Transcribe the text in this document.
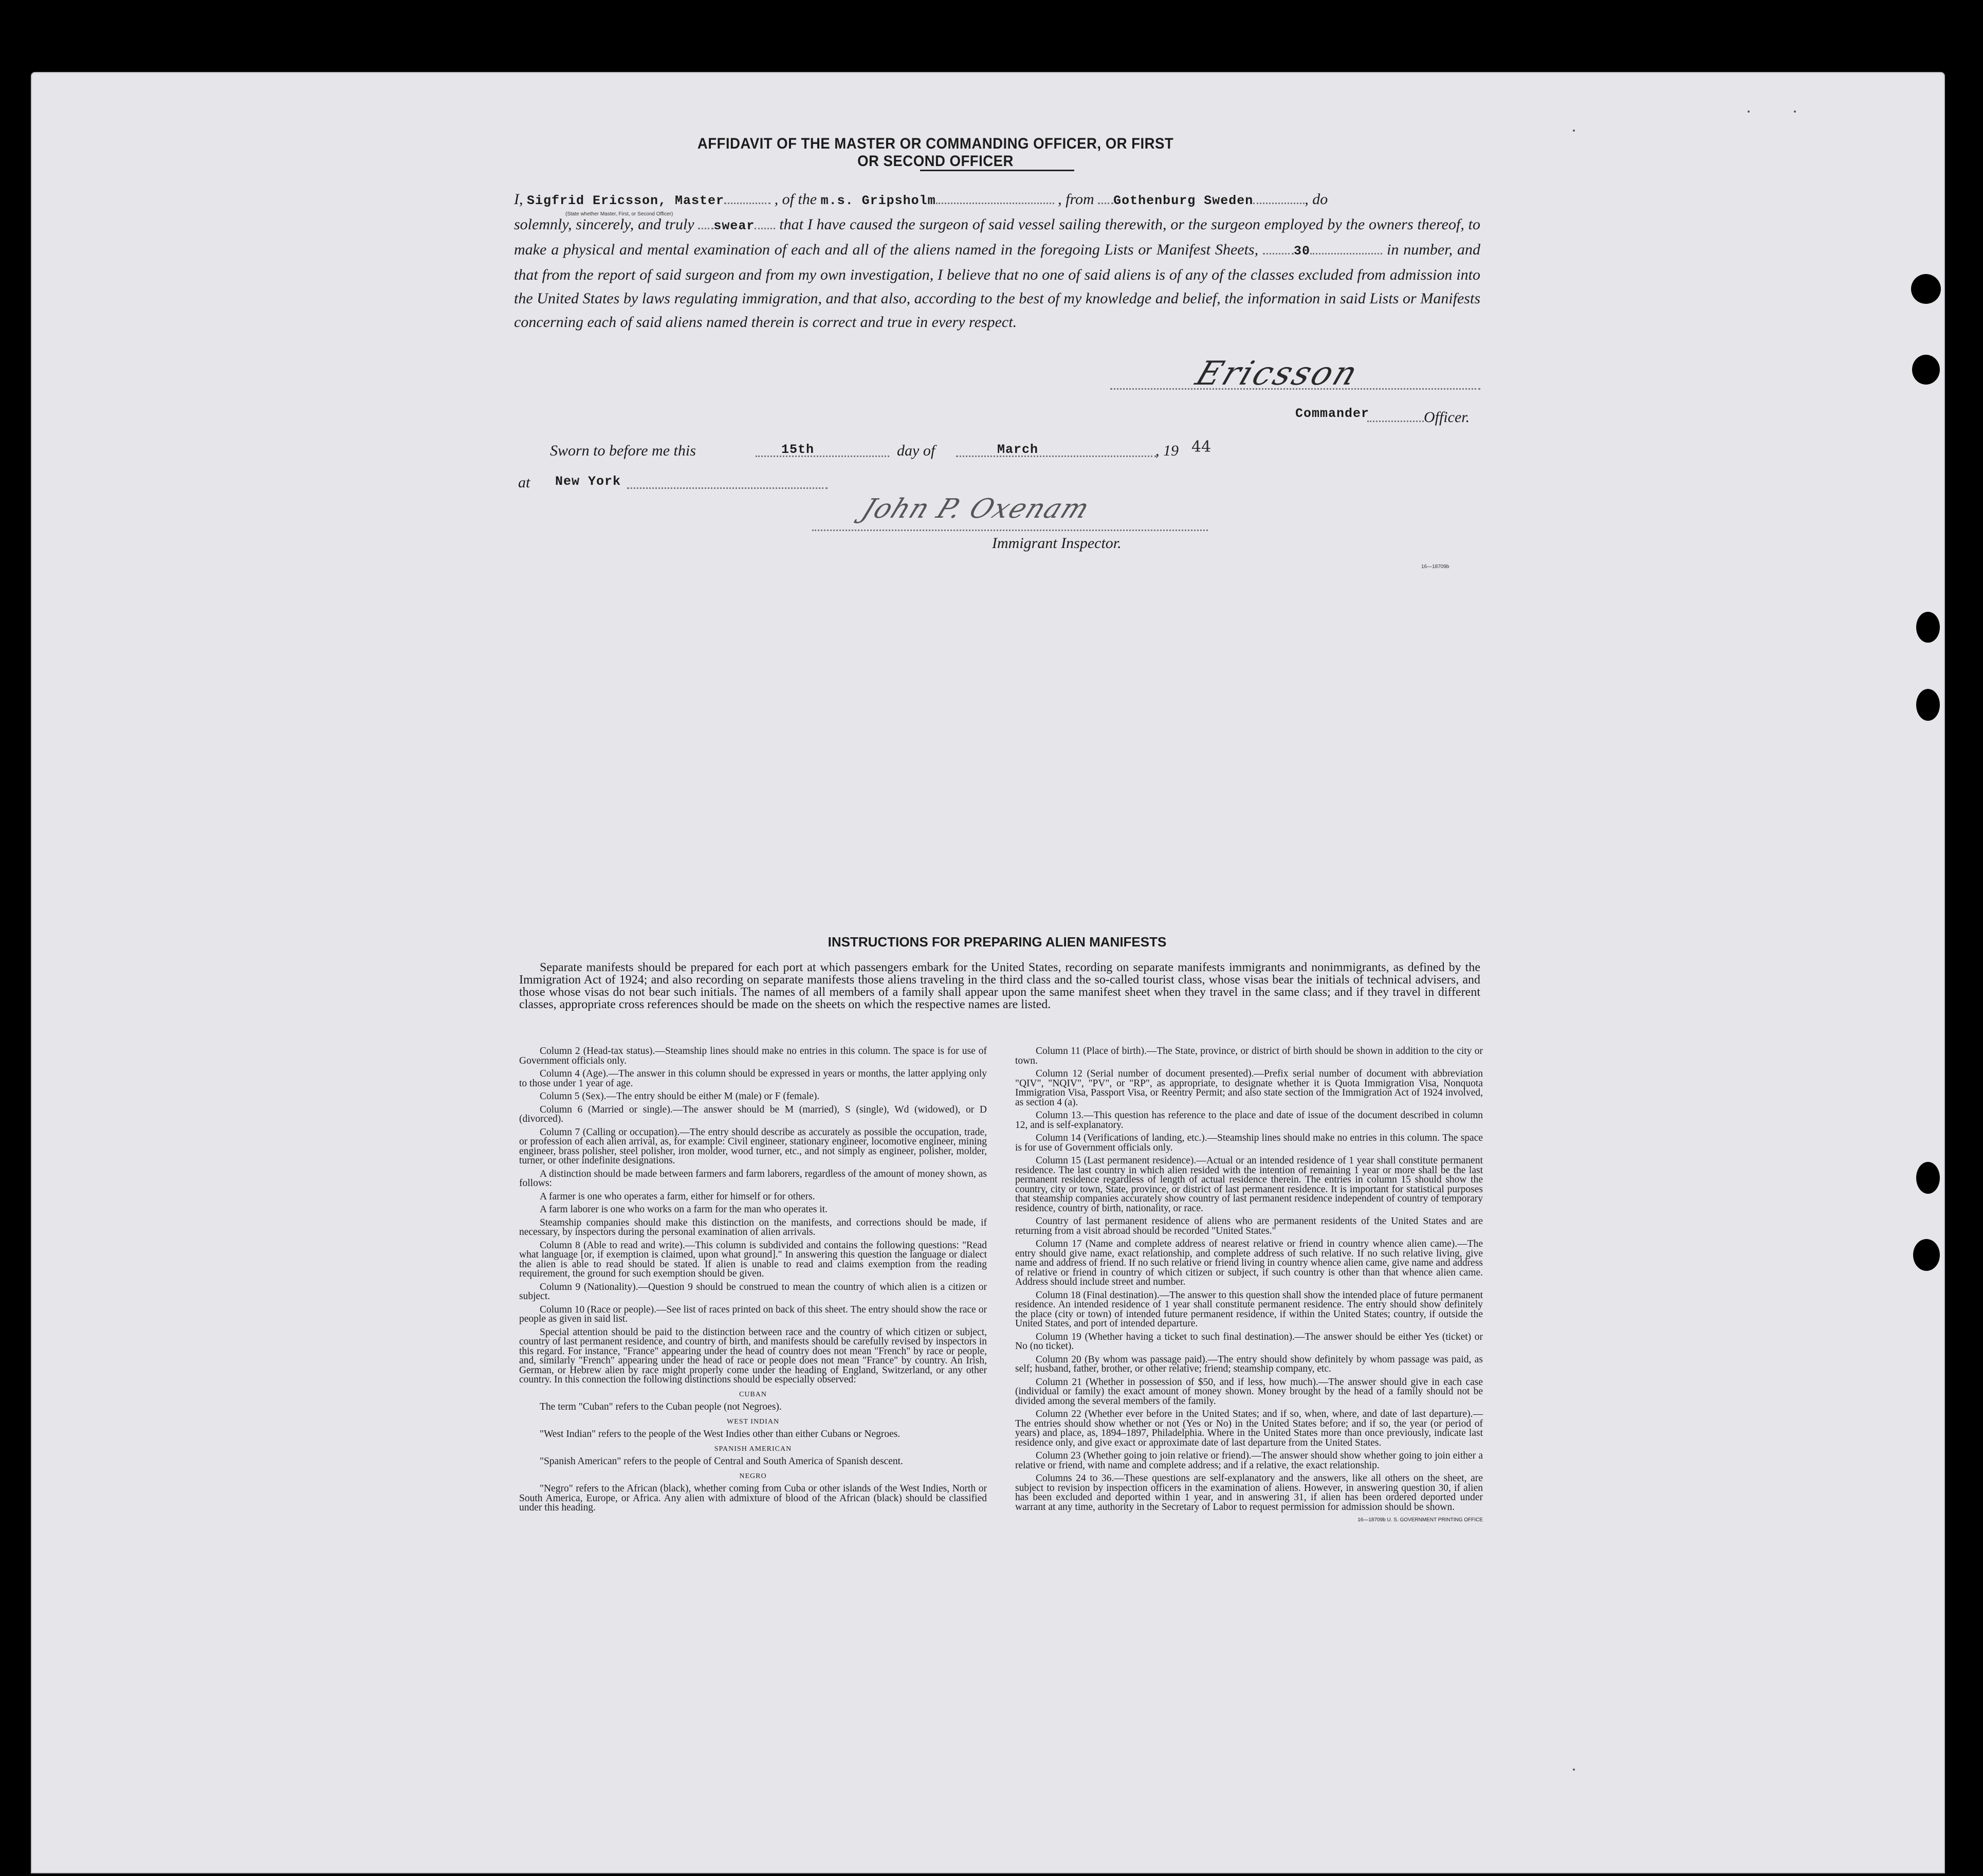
AFFIDAVIT OF THE MASTER OR COMMANDING OFFICER, OR FIRST OR SECOND OFFICER
I, Sigfrid Ericsson, Master	, of the m.s. Gripsholm	, from Gothenburg Sweden	, do
solemnly, sincerely, and truly swear that I have caused the surgeon of said vessel sailing therewith, or the surgeon employed by the owners thereof, to make a physical and mental examination of each and all of the aliens named in the foregoing Lists or Manifest Sheets,	30	in number, and that from the report of said surgeon and from my own investigation, I believe that no one of said aliens is of any of the classes excluded from admission into the United States by laws regulating immigration, and that also, according to the best of my knowledge and belief, the information in said Lists or Manifests concerning each of said aliens named therein is correct and true in every respect.
(State whether Master, First, or Second Officer)
Ericsson
Commander	Officer.
Sworn to before me this	15th	day of	March	, 19 44
at New York
John P. Oxenam
Immigrant Inspector.
16—18709b
INSTRUCTIONS FOR PREPARING ALIEN MANIFESTS
Separate manifests should be prepared for each port at which passengers embark for the United States, recording on separate manifests immigrants and nonimmigrants, as defined by the Immigration Act of 1924; and also recording on separate manifests those aliens traveling in the third class and the so-called tourist class, whose visas bear the initials of technical advisers, and those whose visas do not bear such initials. The names of all members of a family shall appear upon the same manifest sheet when they travel in the same class; and if they travel in different classes, appropriate cross references should be made on the sheets on which the respective names are listed.

Column 2 (Head-tax status).—Steamship lines should make no entries in this column. The space is for use of Government officials only.

Column 4 (Age).—The answer in this column should be expressed in years or months, the latter applying only to those under 1 year of age.

Column 5 (Sex).—The entry should be either M (male) or F (female).

Column 6 (Married or single).—The answer should be M (married), S (single), Wd (widowed), or D (divorced).

Column 7 (Calling or occupation).—The entry should describe as accurately as possible the occupation, trade, or profession of each alien arrival, as, for example: Civil engineer, stationary engineer, locomotive engineer, mining engineer, brass polisher, steel polisher, iron molder, wood turner, etc., and not simply as engineer, polisher, molder, turner, or other indefinite designations.

A distinction should be made between farmers and farm laborers, regardless of the amount of money shown, as follows:

A farmer is one who operates a farm, either for himself or for others.

A farm laborer is one who works on a farm for the man who operates it.

Steamship companies should make this distinction on the manifests, and corrections should be made, if necessary, by inspectors during the personal examination of alien arrivals.

Column 8 (Able to read and write).—This column is subdivided and contains the following questions: "Read what language [or, if exemption is claimed, upon what ground]." In answering this question the language or dialect the alien is able to read should be stated. If alien is unable to read and claims exemption from the reading requirement, the ground for such exemption should be given.

Column 9 (Nationality).—Question 9 should be construed to mean the country of which alien is a citizen or subject.

Column 10 (Race or people).—See list of races printed on back of this sheet. The entry should show the race or people as given in said list.

Special attention should be paid to the distinction between race and the country of which citizen or subject, country of last permanent residence, and country of birth, and manifests should be carefully revised by inspectors in this regard. For instance, "France" appearing under the head of country does not mean "French" by race or people, and, similarly "French" appearing under the head of race or people does not mean "France" by country. An Irish, German, or Hebrew alien by race might properly come under the heading of England, Switzerland, or any other country. In this connection the following distinctions should be especially observed:

CUBAN

The term "Cuban" refers to the Cuban people (not Negroes).

WEST INDIAN

"West Indian" refers to the people of the West Indies other than either Cubans or Negroes.

SPANISH AMERICAN

"Spanish American" refers to the people of Central and South America of Spanish descent.

NEGRO

"Negro" refers to the African (black), whether coming from Cuba or other islands of the West Indies, North or South America, Europe, or Africa. Any alien with admixture of blood of the African (black) should be classified under this heading.

Column 11 (Place of birth).—The State, province, or district of birth should be shown in addition to the city or town.

Column 12 (Serial number of document presented).—Prefix serial number of document with abbreviation "QIV", "NQIV", "PV", or "RP", as appropriate, to designate whether it is Quota Immigration Visa, Nonquota Immigration Visa, Passport Visa, or Reentry Permit; and also state section of the Immigration Act of 1924 involved, as section 4 (a).

Column 13.—This question has reference to the place and date of issue of the document described in column 12, and is self-explanatory.

Column 14 (Verifications of landing, etc.).—Steamship lines should make no entries in this column. The space is for use of Government officials only.

Column 15 (Last permanent residence).—Actual or an intended residence of 1 year shall constitute permanent residence. The last country in which alien resided with the intention of remaining 1 year or more shall be the last permanent residence regardless of length of actual residence therein. The entries in column 15 should show the country, city or town, State, province, or district of last permanent residence. It is important for statistical purposes that steamship companies accurately show country of last permanent residence independent of country of temporary residence, country of birth, nationality, or race.

Country of last permanent residence of aliens who are permanent residents of the United States and are returning from a visit abroad should be recorded "United States."

Column 17 (Name and complete address of nearest relative or friend in country whence alien came).—The entry should give name, exact relationship, and complete address of such relative. If no such relative living, give name and address of friend. If no such relative or friend living in country whence alien came, give name and address of relative or friend in country of which citizen or subject, if such country is other than that whence alien came. Address should include street and number.

Column 18 (Final destination).—The answer to this question shall show the intended place of future permanent residence. An intended residence of 1 year shall constitute permanent residence. The entry should show definitely the place (city or town) of intended future permanent residence, if within the United States; country, if outside the United States, and port of intended departure.

Column 19 (Whether having a ticket to such final destination).—The answer should be either Yes (ticket) or No (no ticket).

Column 20 (By whom was passage paid).—The entry should show definitely by whom passage was paid, as self; husband, father, brother, or other relative; friend; steamship company, etc.

Column 21 (Whether in possession of $50, and if less, how much).—The answer should give in each case (individual or family) the exact amount of money shown. Money brought by the head of a family should not be divided among the several members of the family.

Column 22 (Whether ever before in the United States; and if so, when, where, and date of last departure).—The entries should show whether or not (Yes or No) in the United States before; and if so, the year (or period of years) and place, as, 1894–1897, Philadelphia. Where in the United States more than once previously, indicate last residence only, and give exact or approximate date of last departure from the United States.

Column 23 (Whether going to join relative or friend).—The answer should show whether going to join either a relative or friend, with name and complete address; and if a relative, the exact relationship.

Columns 24 to 36.—These questions are self-explanatory and the answers, like all others on the sheet, are subject to revision by inspection officers in the examination of aliens. However, in answering question 30, if alien has been excluded and deported within 1 year, and in answering 31, if alien has been ordered deported under warrant at any time, authority in the Secretary of Labor to request permission for admission should be shown.

16—18709b U. S. GOVERNMENT PRINTING OFFICE
